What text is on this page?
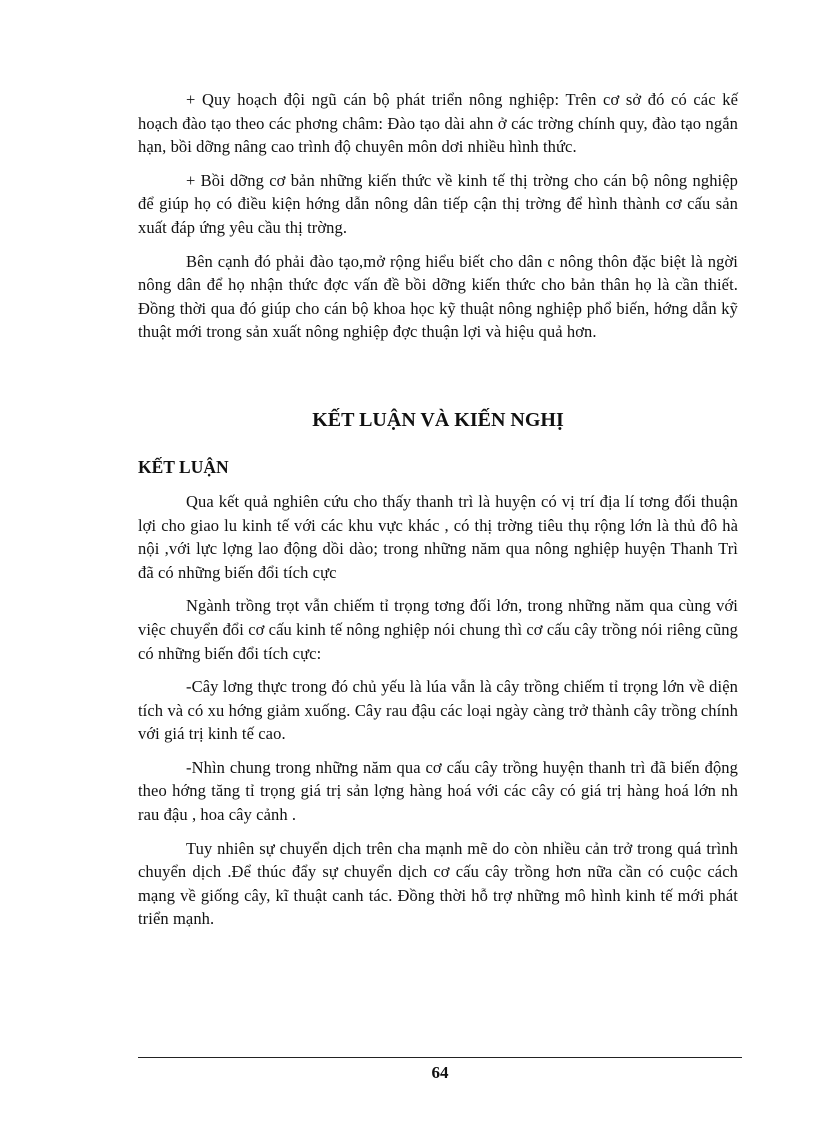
+ Quy hoạch đội ngũ cán bộ phát triển nông nghiệp: Trên cơ sở đó có các kế hoạch đào tạo theo các phơng châm: Đào tạo dài ahn ở các trờng chính quy, đào tạo ngắn hạn, bồi dỡng nâng cao trình độ chuyên môn dơi nhiều hình thức.

+ Bồi dỡng cơ bản những kiến thức về kinh tế thị trờng cho cán bộ nông nghiệp để giúp họ có điều kiện hớng dẫn nông dân tiếp cận thị trờng để hình thành cơ cấu sản xuất đáp ứng yêu cầu thị trờng.

Bên cạnh đó phải đào tạo,mở rộng hiểu biết cho dân c nông thôn đặc biệt là ngời nông dân để họ nhận thức đợc vấn đề bồi dỡng kiến thức cho bản thân họ là cần thiết. Đồng thời qua đó giúp cho cán bộ khoa học kỹ thuật nông nghiệp phổ biến, hớng dẫn kỹ thuật mới trong sản xuất nông nghiệp đợc thuận lợi và hiệu quả hơn.

KẾT LUẬN VÀ KIẾN NGHỊ
KẾT LUẬN

Qua kết quả nghiên cứu cho thấy thanh trì là huyện có vị trí địa lí tơng đối thuận lợi cho giao lu kinh tế với các khu vực khác , có thị trờng tiêu thụ rộng lớn là thủ đô hà nội ,với lực lợng lao động dồi dào; trong những năm qua nông nghiệp huyện Thanh Trì đã có những biến đổi tích cực

Ngành trồng trọt vẫn chiếm tỉ trọng tơng đối lớn, trong những năm qua cùng với việc chuyển đổi cơ cấu kinh tế nông nghiệp nói chung thì cơ cấu cây trồng nói riêng cũng có những biến đổi tích cực:

-Cây lơng thực trong đó chủ yếu là lúa vẫn là cây trồng chiếm tỉ trọng lớn về diện tích và có xu hớng giảm xuống. Cây rau đậu các loại ngày càng trở thành cây trồng chính với giá trị kinh tế cao.

-Nhìn chung trong những năm qua cơ cấu cây trồng huyện thanh trì đã biến động theo hớng tăng tỉ trọng giá trị sản lợng hàng hoá với các cây có giá trị hàng hoá lớn nh rau đậu , hoa cây cảnh .

Tuy nhiên sự chuyển dịch trên cha mạnh mẽ do còn nhiều cản trở trong quá trình chuyển dịch .Để thúc đẩy sự chuyển dịch cơ cấu cây trồng hơn nữa cần có cuộc cách mạng về giống cây, kĩ thuật canh tác. Đồng thời hỗ trợ những mô hình kinh tế mới phát triển mạnh.

64
